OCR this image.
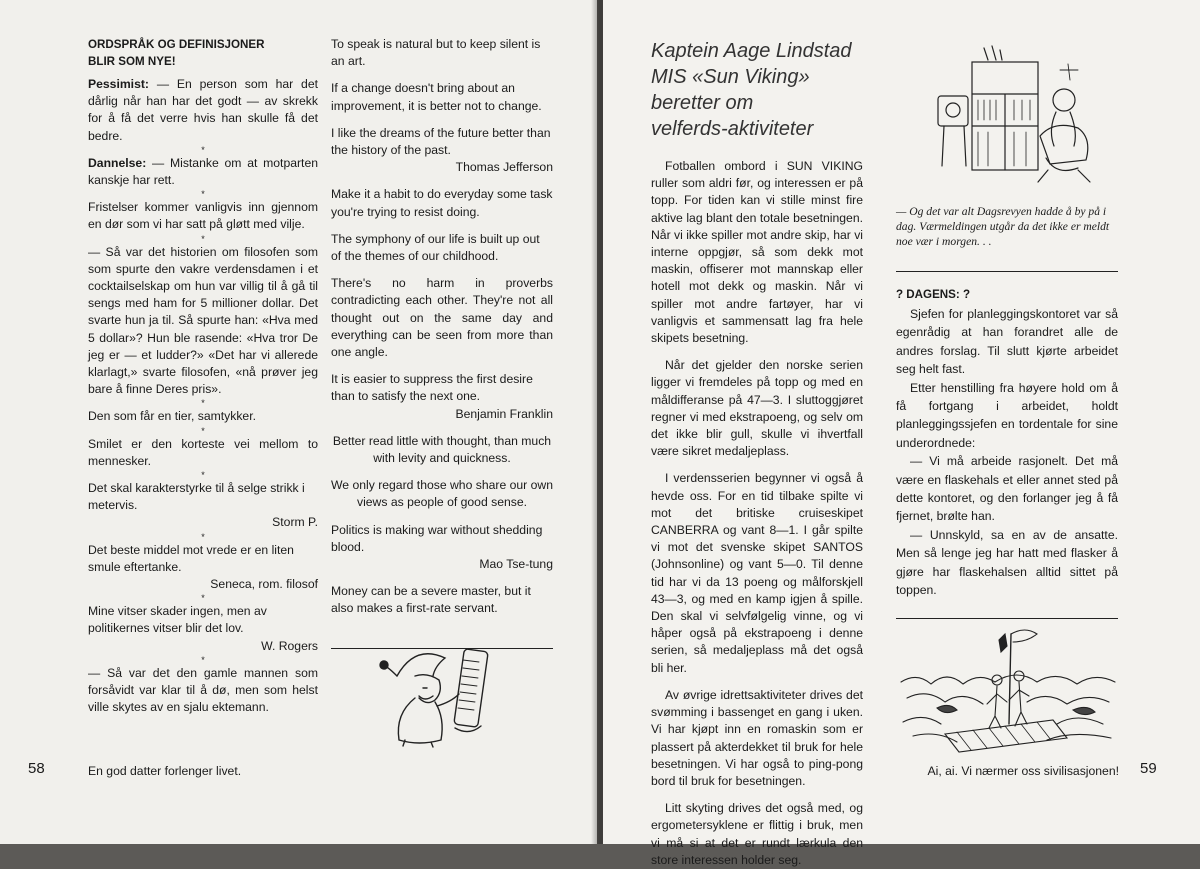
ORDSPRÅK OG DEFINISJONER
BLIR SOM NYE!

Pessimist: — En person som har det dårlig når han har det godt — av skrekk for å få det verre hvis han skulle få det bedre.

*

Dannelse: — Mistanke om at motparten kanskje har rett.

*

Fristelser kommer vanligvis inn gjennom en dør som vi har satt på gløtt med vilje.

*

— Så var det historien om filosofen som som spurte den vakre verdensdamen i et cocktailselskap om hun var villig til å gå til sengs med ham for 5 millioner dollar. Det svarte hun ja til. Så spurte han: «Hva med 5 dollar»? Hun ble rasende: «Hva tror De jeg er — et ludder?» «Det har vi allerede klarlagt,» svarte filosofen, «nå prøver jeg bare å finne Deres pris».

*

Den som får en tier, samtykker.

*

Smilet er den korteste vei mellom to mennesker.

*

Det skal karakterstyrke til å selge strikk i metervis.

Storm P.

*

Det beste middel mot vrede er en liten smule eftertanke.

Seneca, rom. filosof

*

Mine vitser skader ingen, men av politikernes vitser blir det lov.

W. Rogers

*

— Så var det den gamle mannen som forsåvidt var klar til å dø, men som helst ville skytes av en sjalu ektemann.

To speak is natural but to keep silent is an art.

If a change doesn't bring about an improvement, it is better not to change.

I like the dreams of the future better than the history of the past.

Thomas Jefferson

Make it a habit to do everyday some task you're trying to resist doing.

The symphony of our life is built up out of the themes of our childhood.

There's no harm in proverbs contradicting each other. They're not all thought out on the same day and everything can be seen from more than one angle.

It is easier to suppress the first desire than to satisfy the next one.

Benjamin Franklin

Better read little with thought, than much with levity and quickness.

We only regard those who share our own views as people of good sense.

Politics is making war without shedding blood.

Mao Tse-tung

Money can be a severe master, but it also makes a first-rate servant.

58	En god datter forlenger livet.
Kaptein Aage Lindstad
MIS «Sun Viking»
beretter om
velferds-aktiviteter

Fotballen ombord i SUN VIKING ruller som aldri før, og interessen er på topp. For tiden kan vi stille minst fire aktive lag blant den totale besetningen. Når vi ikke spiller mot andre skip, har vi interne oppgjør, så som dekk mot maskin, offiserer mot mannskap eller hotell mot dekk og maskin. Når vi spiller mot andre fartøyer, har vi vanligvis et sammensatt lag fra hele skipets besetning.

Når det gjelder den norske serien ligger vi fremdeles på topp og med en måldifferanse på 47—3. I sluttoggjøret regner vi med ekstrapoeng, og selv om det ikke blir gull, skulle vi ihvertfall være sikret medaljeplass.

I verdensserien begynner vi også å hevde oss. For en tid tilbake spilte vi mot det britiske cruiseskipet CANBERRA og vant 8—1. I går spilte vi mot det svenske skipet SANTOS (Johnsonline) og vant 5—0. Til denne tid har vi da 13 poeng og målforskjell 43—3, og med en kamp igjen å spille. Den skal vi selvfølgelig vinne, og vi håper også på ekstrapoeng i denne serien, så medaljeplass må det også bli her.

Av øvrige idrettsaktiviteter drives det svømming i bassenget en gang i uken. Vi har kjøpt inn en romaskin som er plassert på akterdekket til bruk for hele besetningen. Vi har også to ping-pong bord til bruk for besetningen.

Litt skyting drives det også med, og ergometersyklene er flittig i bruk, men vi må si at det er rundt lærkula den store interessen holder seg.

— Og det var alt Dagsrevyen hadde å by på i dag. Værmeldingen utgår da det ikke er meldt noe vær i morgen. . .

? DAGENS: ?

Sjefen for planleggingskontoret var så egenrådig at han forandret alle de andres forslag. Til slutt kjørte arbeidet seg helt fast.

Etter henstilling fra høyere hold om å få fortgang i arbeidet, holdt planleggingssjefen en tordentale for sine underordnede:

— Vi må arbeide rasjonelt. Det må være en flaskehals et eller annet sted på dette kontoret, og den forlanger jeg å få fjernet, brølte han.

— Unnskyld, sa en av de ansatte. Men så lenge jeg har hatt med flasker å gjøre har flaskehalsen alltid sittet på toppen.

Ai, ai. Vi nærmer oss sivilisasjonen! 59
